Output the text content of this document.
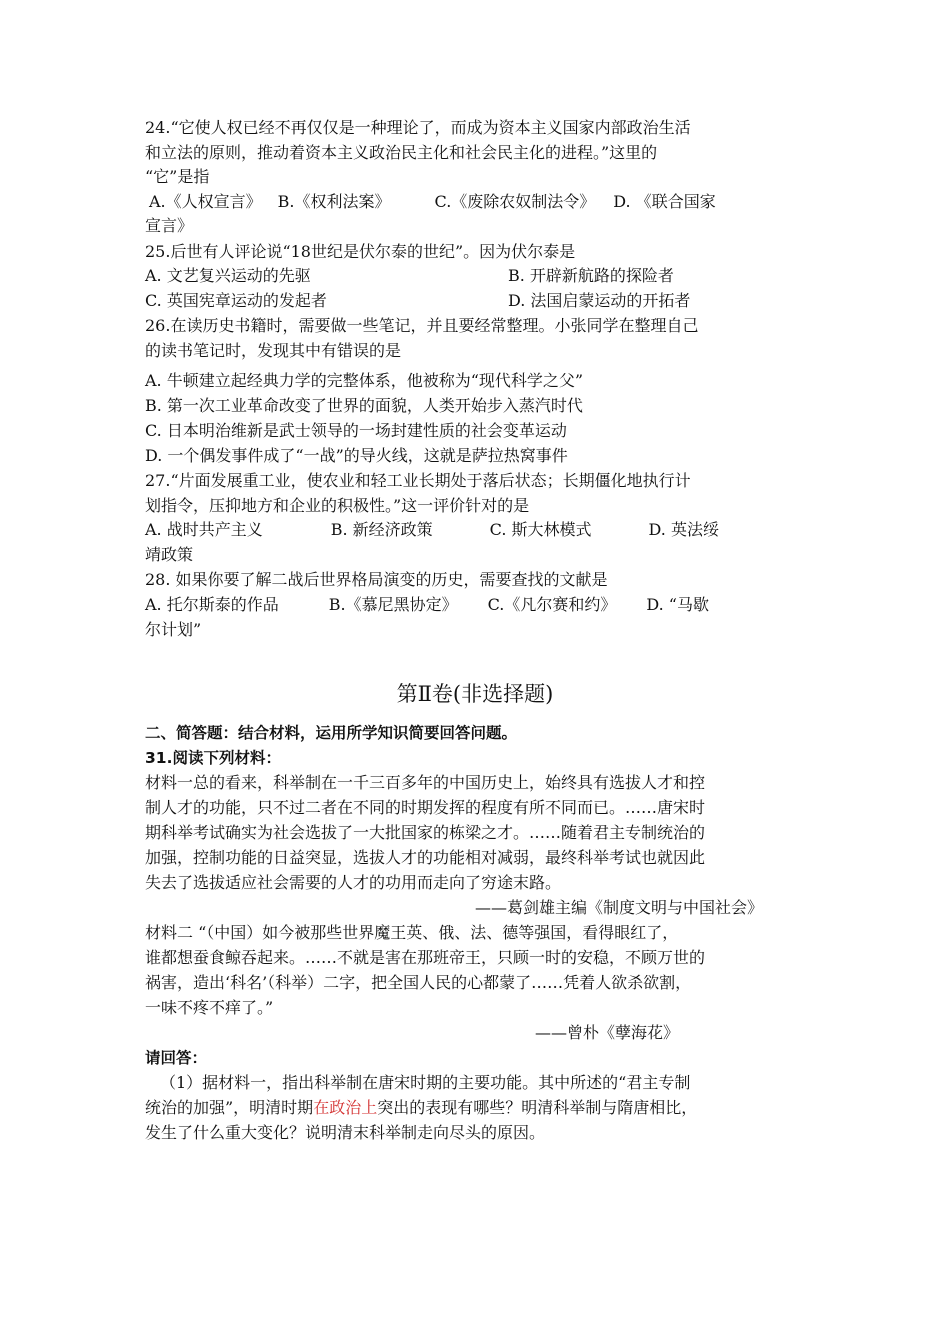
24.“它使人权已经不再仅仅是一种理论了，而成为资本主义国家内部政治生活
和立法的原则，推动着资本主义政治民主化和社会民主化的进程。”这里的
“它”是指
A.《人权宣言》 B.《权利法案》	C.《废除农奴制法令》 D. 《联合国家
宣言》
25.后世有人评论说“18世纪是伏尔泰的世纪”。因为伏尔泰是
A. 文艺复兴运动的先驱	B. 开辟新航路的探险者
C. 英国宪章运动的发起者	D. 法国启蒙运动的开拓者
26.在读历史书籍时，需要做一些笔记，并且要经常整理。小张同学在整理自己
的读书笔记时，发现其中有错误的是
A. 牛顿建立起经典力学的完整体系，他被称为“现代科学之父”
B. 第一次工业革命改变了世界的面貌，人类开始步入蒸汽时代
C. 日本明治维新是武士领导的一场封建性质的社会变革运动
D. 一个偶发事件成了“一战”的导火线，这就是萨拉热窝事件
27.“片面发展重工业，使农业和轻工业长期处于落后状态；长期僵化地执行计
划指令，压抑地方和企业的积极性。”这一评价针对的是
A. 战时共产主义	B. 新经济政策	C. 斯大林模式	D. 英法绥
靖政策
28. 如果你要了解二战后世界格局演变的历史，需要查找的文献是
A. 托尔斯泰的作品	B.《慕尼黑协定》 C.《凡尔赛和约》 D. “马歇
尔计划”
第Ⅱ卷(非选择题)
二、简答题：结合材料，运用所学知识简要回答问题。
31.阅读下列材料：
材料一总的看来，科举制在一千三百多年的中国历史上，始终具有选拔人才和控
制人才的功能，只不过二者在不同的时期发挥的程度有所不同而已。……唐宋时
期科举考试确实为社会选拔了一大批国家的栋梁之才。……随着君主专制统治的
加强，控制功能的日益突显，选拔人才的功能相对减弱，最终科举考试也就因此
失去了选拔适应社会需要的人才的功用而走向了穷途末路。
——葛剑雄主编《制度文明与中国社会》
材料二 “（中国）如今被那些世界魔王英、俄、法、德等强国，看得眼红了，
谁都想蚕食鲸吞起来。……不就是害在那班帝王，只顾一时的安稳，不顾万世的
祸害，造出‘科名’（科举）二字，把全国人民的心都蒙了……凭着人欲杀欲割，
一味不疼不痒了。”
——曾朴《孽海花》
请回答：
（1）据材料一，指出科举制在唐宋时期的主要功能。其中所述的“君主专制
统治的加强”，明清时期在政治上突出的表现有哪些？明清科举制与隋唐相比，
发生了什么重大变化？说明清末科举制走向尽头的原因。
